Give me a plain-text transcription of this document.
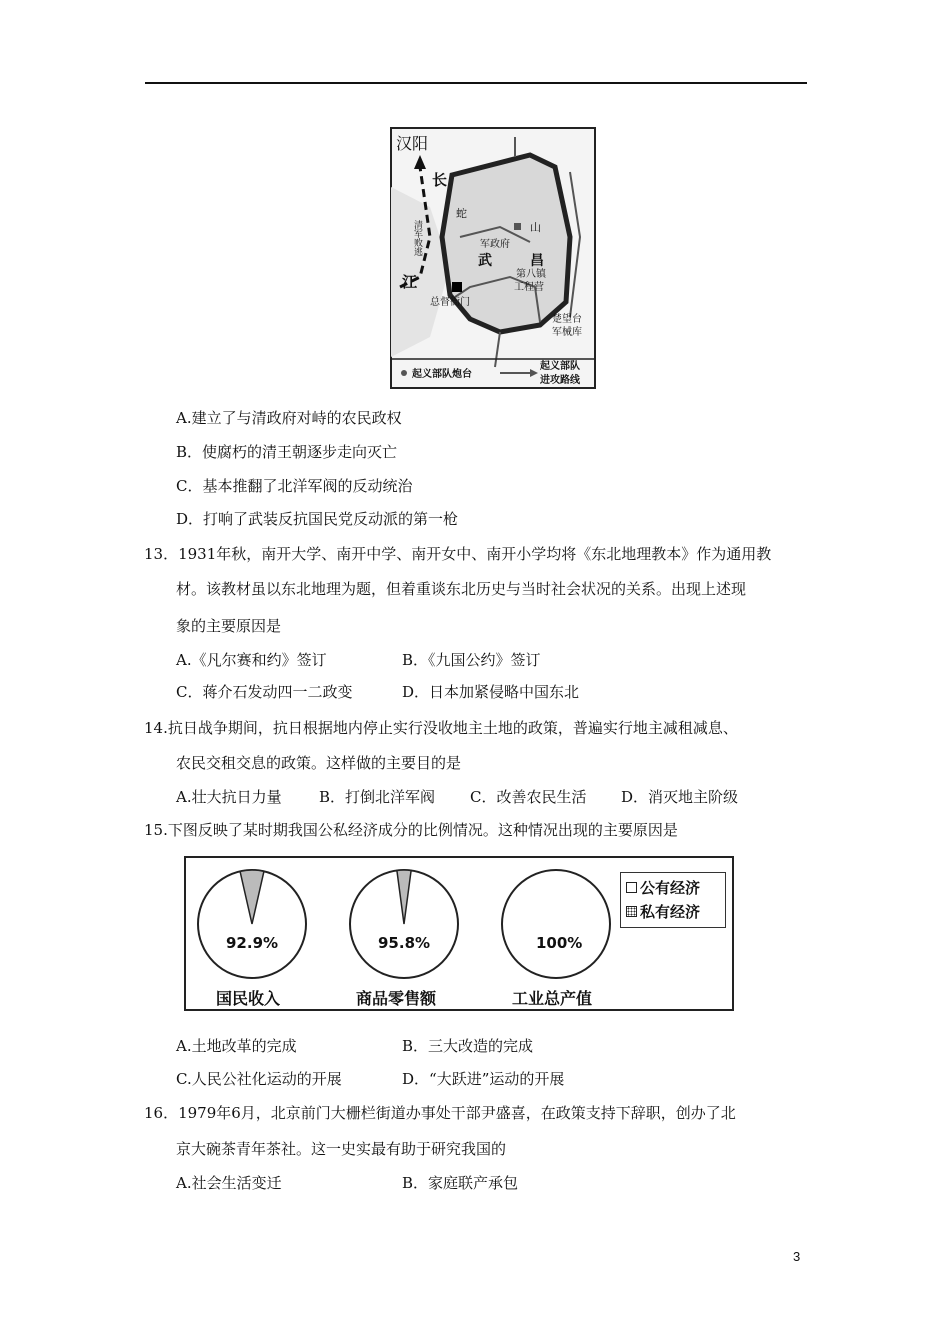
汉阳
长
江
清军败逃
蛇
山
军政府
武	昌
第八镇
工程营
总督衙门
楚望台
军械库
起义部队炮台
起义部队
进攻路线
A.建立了与清政府对峙的农民政权
B．使腐朽的清王朝逐步走向灭亡
C．基本推翻了北洋军阀的反动统治
D．打响了武装反抗国民党反动派的第一枪
13．1931年秋，南开大学、南开中学、南开女中、南开小学均将《东北地理教本》作为通用教
材。该教材虽以东北地理为题，但着重谈东北历史与当时社会状况的关系。出现上述现
象的主要原因是
A.《凡尔赛和约》签订	B．《九国公约》签订
C．蒋介石发动四一二政变	D．日本加紧侵略中国东北
14.抗日战争期间，抗日根据地内停止实行没收地主土地的政策，普遍实行地主减租减息、
农民交租交息的政策。这样做的主要目的是
A.壮大抗日力量 B．打倒北洋军阀 C．改善农民生活 D．消灭地主阶级
15.下图反映了某时期我国公私经济成分的比例情况。这种情况出现的主要原因是
92.9%
国民收入
95.8%
商品零售额
100%
工业总产值
公有经济
私有经济
A.土地改革的完成	B．三大改造的完成
C.人民公社化运动的开展	D．“大跃进”运动的开展
16．1979年6月，北京前门大栅栏街道办事处干部尹盛喜，在政策支持下辞职，创办了北
京大碗茶青年茶社。这一史实最有助于研究我国的
A.社会生活变迁	B．家庭联产承包
3
